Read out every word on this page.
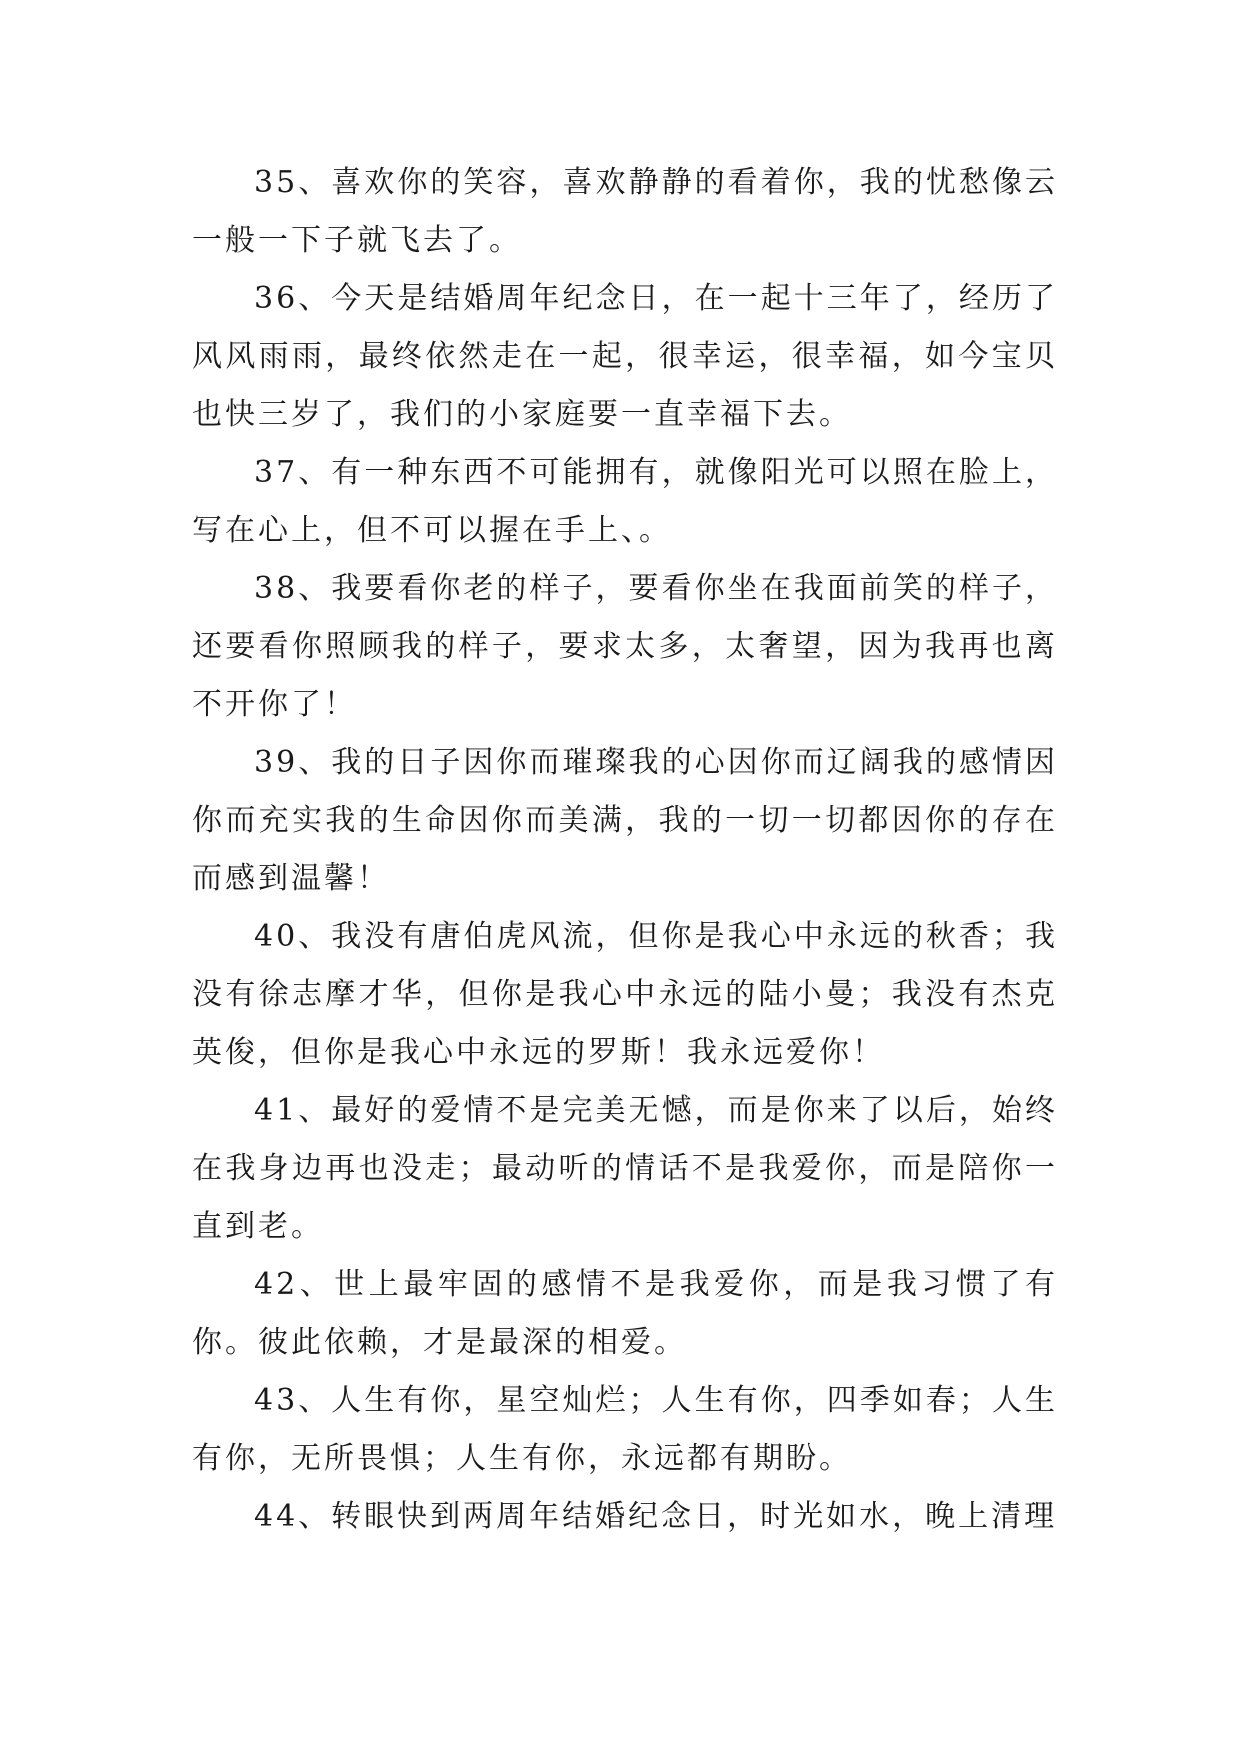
35、喜欢你的笑容，喜欢静静的看着你，我的忧愁像云一般一下子就飞去了。

36、今天是结婚周年纪念日，在一起十三年了，经历了风风雨雨，最终依然走在一起，很幸运，很幸福，如今宝贝也快三岁了，我们的小家庭要一直幸福下去。

37、有一种东西不可能拥有，就像阳光可以照在脸上，写在心上，但不可以握在手上、。

38、我要看你老的样子，要看你坐在我面前笑的样子，还要看你照顾我的样子，要求太多，太奢望，因为我再也离不开你了！

39、我的日子因你而璀璨我的心因你而辽阔我的感情因你而充实我的生命因你而美满，我的一切一切都因你的存在而感到温馨！

40、我没有唐伯虎风流，但你是我心中永远的秋香；我没有徐志摩才华，但你是我心中永远的陆小曼；我没有杰克英俊，但你是我心中永远的罗斯！我永远爱你！

41、最好的爱情不是完美无憾，而是你来了以后，始终在我身边再也没走；最动听的情话不是我爱你，而是陪你一直到老。

42、世上最牢固的感情不是我爱你，而是我习惯了有你。彼此依赖，才是最深的相爱。

43、人生有你，星空灿烂；人生有你，四季如春；人生有你，无所畏惧；人生有你，永远都有期盼。

44、转眼快到两周年结婚纪念日，时光如水，晚上清理
